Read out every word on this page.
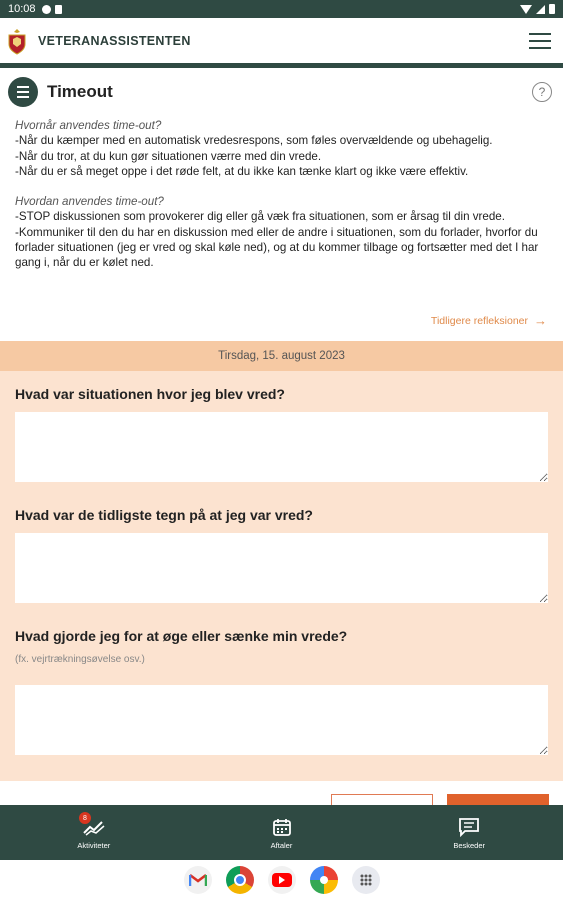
10:08
VETERANASSISTENTEN
Timeout	?
Hvornår anvendes time-out?
-Når du kæmper med en automatisk vredesrespons, som føles overvældende og ubehagelig.
-Når du tror, at du kun gør situationen værre med din vrede.
-Når du er så meget oppe i det røde felt, at du ikke kan tænke klart og ikke være effektiv.
Hvordan anvendes time-out?
-STOP diskussionen som provokerer dig eller gå væk fra situationen, som er årsag til din vrede.
-Kommuniker til den du har en diskussion med eller de andre i situationen, som du forlader, hvorfor du forlader situationen (jeg er vred og skal køle ned), og at du kommer tilbage og fortsætter med det I har gang i, når du er kølet ned.
Tidligere refleksioner →
Tirsdag, 15. august 2023
Hvad var situationen hvor jeg blev vred?
Hvad var de tidligste tegn på at jeg var vred?
Hvad gjorde jeg for at øge eller sænke min vrede?
(fx. vejrtrækningsøvelse osv.)
Aktiviteter
8
Aftaler	Beskeder
